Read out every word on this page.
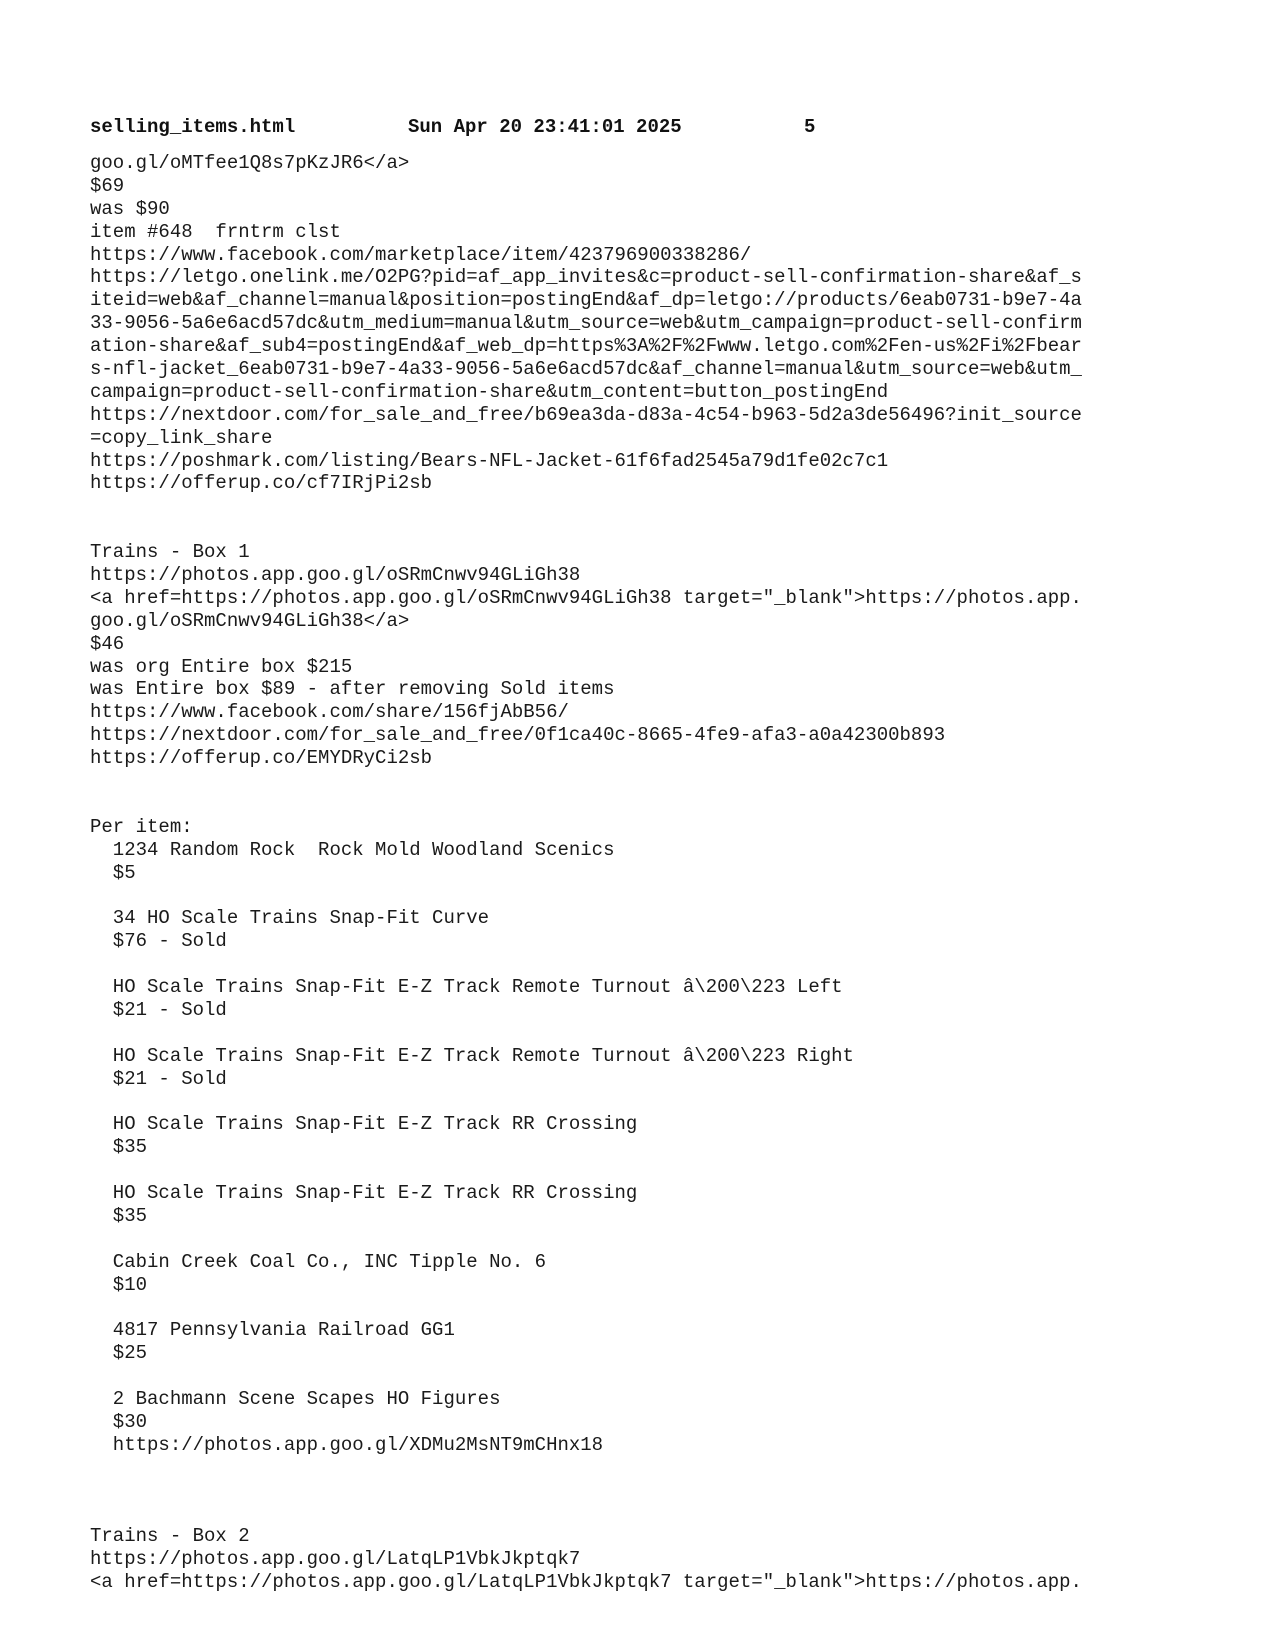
selling_items.html

	Sun Apr 20 23:41:01 2025

	5

goo.gl/oMTfee1Q8s7pKzJR6</a>
$69
was $90
item #648  frntrm clst
https://www.facebook.com/marketplace/item/423796900338286/
https://letgo.onelink.me/O2PG?pid=af_app_invites&c=product-sell-confirmation-share&af_s
iteid=web&af_channel=manual&position=postingEnd&af_dp=letgo://products/6eab0731-b9e7-4a
33-9056-5a6e6acd57dc&utm_medium=manual&utm_source=web&utm_campaign=product-sell-confirm
ation-share&af_sub4=postingEnd&af_web_dp=https%3A%2F%2Fwww.letgo.com%2Fen-us%2Fi%2Fbear
s-nfl-jacket_6eab0731-b9e7-4a33-9056-5a6e6acd57dc&af_channel=manual&utm_source=web&utm_
campaign=product-sell-confirmation-share&utm_content=button_postingEnd
https://nextdoor.com/for_sale_and_free/b69ea3da-d83a-4c54-b963-5d2a3de56496?init_source
=copy_link_share
https://poshmark.com/listing/Bears-NFL-Jacket-61f6fad2545a79d1fe02c7c1
https://offerup.co/cf7IRjPi2sb
Trains - Box 1
https://photos.app.goo.gl/oSRmCnwv94GLiGh38
<a href=https://photos.app.goo.gl/oSRmCnwv94GLiGh38 target="_blank">https://photos.app.
goo.gl/oSRmCnwv94GLiGh38</a>
$46
was org Entire box $215
was Entire box $89 - after removing Sold items
https://www.facebook.com/share/156fjAbB56/
https://nextdoor.com/for_sale_and_free/0f1ca40c-8665-4fe9-afa3-a0a42300b893
https://offerup.co/EMYDRyCi2sb
Per item:
1234 Random Rock  Rock Mold Woodland Scenics
$5
34 HO Scale Trains Snap-Fit Curve
$76 - Sold
HO Scale Trains Snap-Fit E-Z Track Remote Turnout â\200\223 Left
$21 - Sold
HO Scale Trains Snap-Fit E-Z Track Remote Turnout â\200\223 Right
$21 - Sold
HO Scale Trains Snap-Fit E-Z Track RR Crossing
$35
HO Scale Trains Snap-Fit E-Z Track RR Crossing
$35
Cabin Creek Coal Co., INC Tipple No. 6
$10
4817 Pennsylvania Railroad GG1
$25
2 Bachmann Scene Scapes HO Figures
$30
https://photos.app.goo.gl/XDMu2MsNT9mCHnx18
Trains - Box 2
https://photos.app.goo.gl/LatqLP1VbkJkptqk7
<a href=https://photos.app.goo.gl/LatqLP1VbkJkptqk7 target="_blank">https://photos.app.
